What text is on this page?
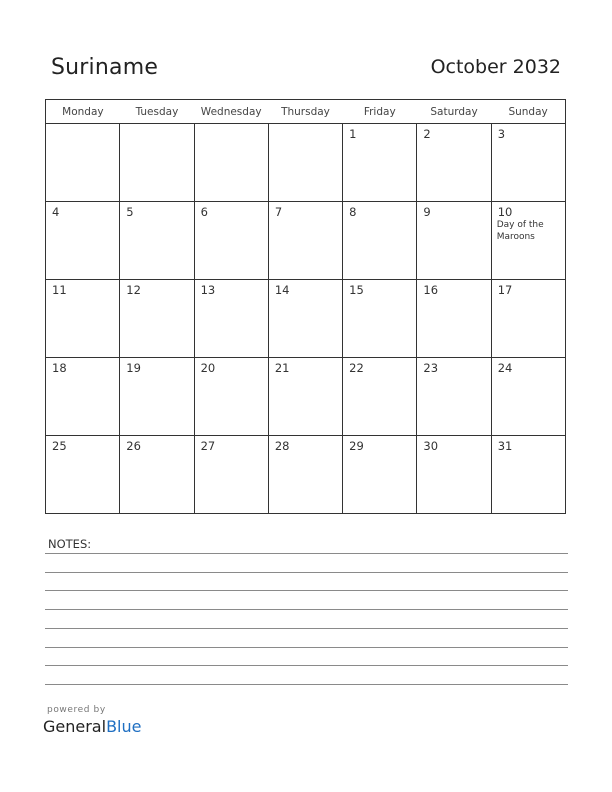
Suriname	October 2032
Monday	Tuesday	Wednesday	Thursday	Friday	Saturday	Sunday

				1	2	3

4	5	6	7	8	9	10
Day of the Maroons

11	12	13	14	15	16	17

18	19	20	21	22	23	24

25	26	27	28	29	30	31
NOTES:
powered by
GeneralBlue
